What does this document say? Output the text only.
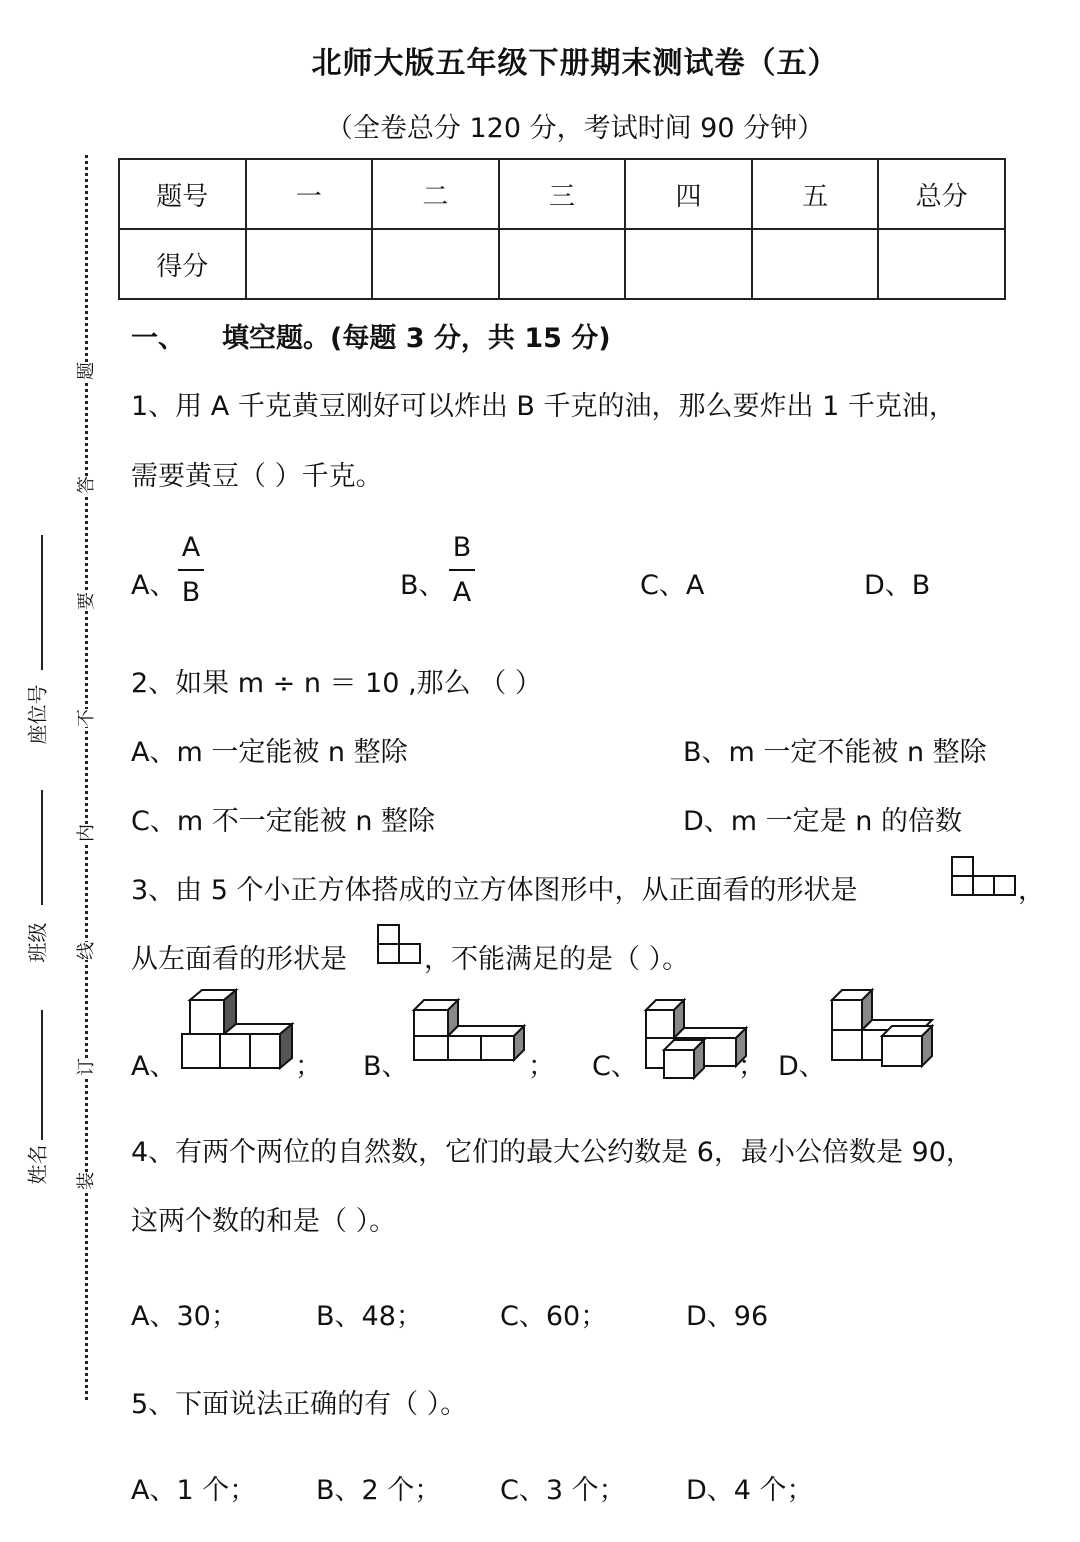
北师大版五年级下册期末测试卷（五）
（全卷总分 120 分，考试时间 90 分钟）
题
答
要
不
内
线
订
装
座位号
班级
姓名
题号	一	二	三	四	五	总分
得分						
一、 填空题。(每题 3 分，共 15 分)
1、用 A 千克黄豆刚好可以炸出 B 千克的油，那么要炸出 1 千克油，
需要黄豆（ ）千克。
A、
A
B	B、
B
A	C、A	D、B
2、如果 m ÷ n ＝ 10 ,那么 （ ）
A、m 一定能被 n 整除	B、m 一定不能被 n 整除
C、m 不一定能被 n 整除	D、m 一定是 n 的倍数
3、由 5 个小正方体搭成的立方体图形中，从正面看的形状是	，
从左面看的形状是	，不能满足的是（ ）。
A、	； B、	； C、	； D、
4、有两个两位的自然数，它们的最大公约数是 6，最小公倍数是 90，
这两个数的和是（ ）。
A、30；	B、48；	C、60；	D、96
5、下面说法正确的有（ ）。
A、1 个； B、2 个； C、3 个； D、4 个；
